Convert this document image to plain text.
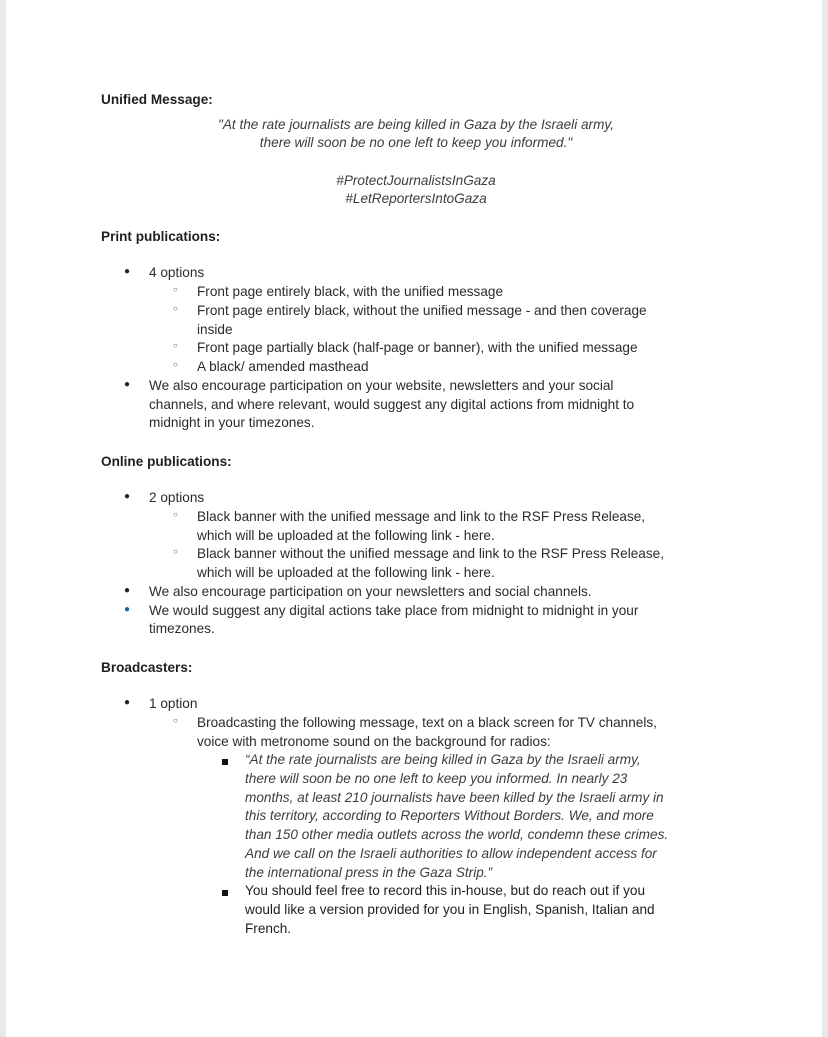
Unified Message:
"At the rate journalists are being killed in Gaza by the Israeli army,
there will soon be no one left to keep you informed."
#ProtectJournalistsInGaza
#LetReportersIntoGaza
Print publications:
● 4 options
○ Front page entirely black, with the unified message
○ Front page entirely black, without the unified message - and then coverage
inside
○ Front page partially black (half-page or banner), with the unified message
○ A black/ amended masthead
● We also encourage participation on your website, newsletters and your social
channels, and where relevant, would suggest any digital actions from midnight to
midnight in your timezones.
Online publications:
● 2 options
○ Black banner with the unified message and link to the RSF Press Release,
which will be uploaded at the following link - here.
○ Black banner without the unified message and link to the RSF Press Release,
which will be uploaded at the following link - here.
● We also encourage participation on your newsletters and social channels.
● We would suggest any digital actions take place from midnight to midnight in your
timezones.
Broadcasters:
● 1 option
○ Broadcasting the following message, text on a black screen for TV channels,
voice with metronome sound on the background for radios:
“At the rate journalists are being killed in Gaza by the Israeli army,
there will soon be no one left to keep you informed. In nearly 23
months, at least 210 journalists have been killed by the Israeli army in
this territory, according to Reporters Without Borders. We, and more
than 150 other media outlets across the world, condemn these crimes.
And we call on the Israeli authorities to allow independent access for
the international press in the Gaza Strip.”
You should feel free to record this in-house, but do reach out if you
would like a version provided for you in English, Spanish, Italian and
French.
